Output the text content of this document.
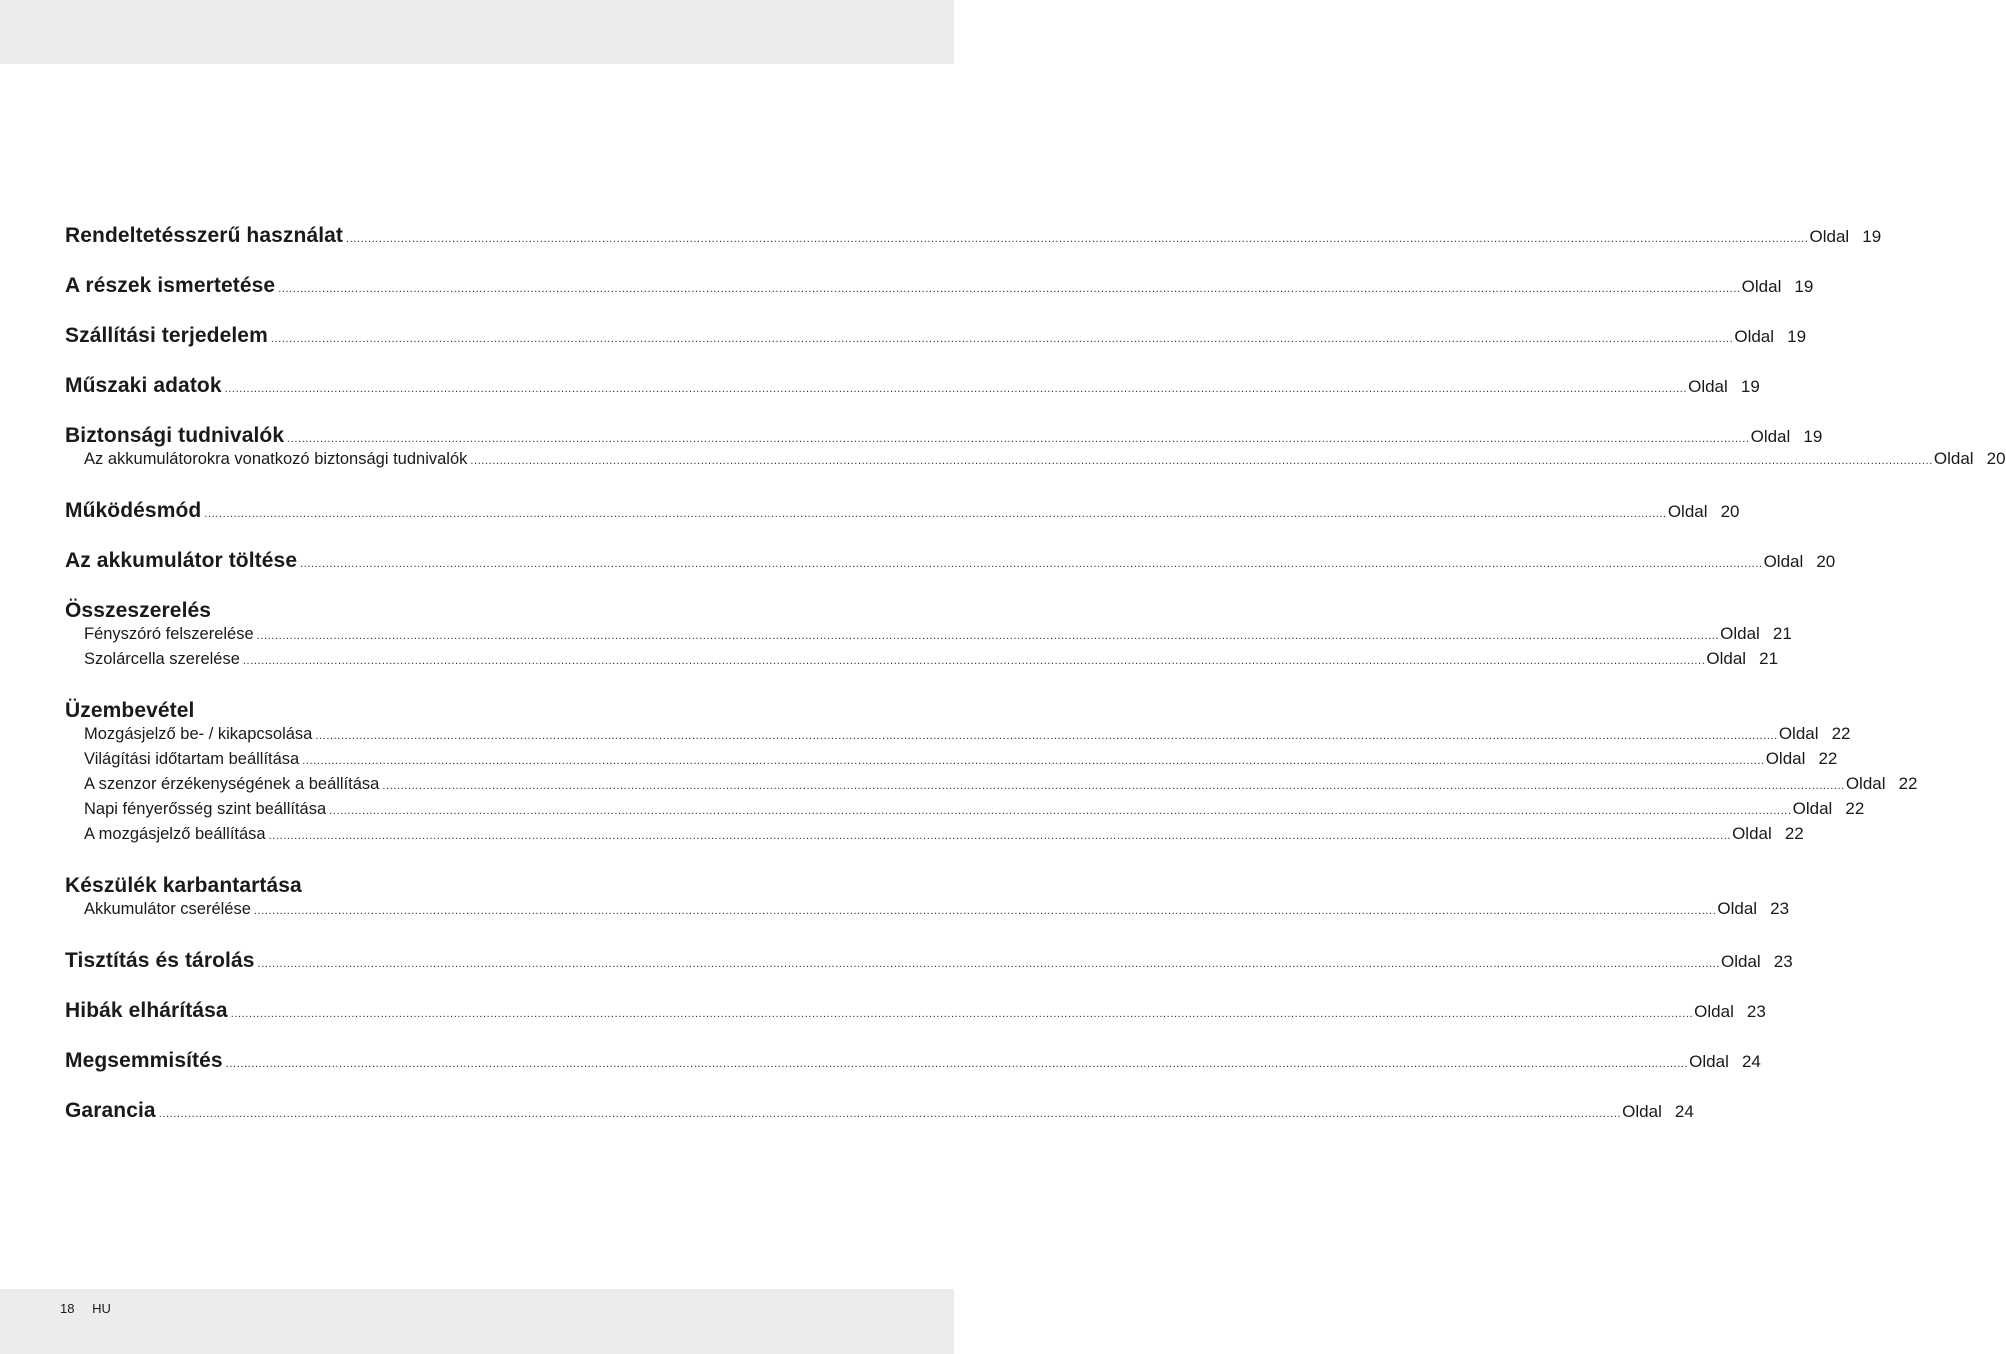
Rendeltetésszerű használat ................................................................................................................................................................................................................................................................................................................................................................................................................ Oldal 19
A részek ismertetése ................................................................................................................................................................................................................................................................................................................................................................................................................ Oldal 19
Szállítási terjedelem ................................................................................................................................................................................................................................................................................................................................................................................................................ Oldal 19
Műszaki adatok ................................................................................................................................................................................................................................................................................................................................................................................................................ Oldal 19
Biztonsági tudnivalók ................................................................................................................................................................................................................................................................................................................................................................................................................ Oldal 19
Az akkumulátorokra vonatkozó biztonsági tudnivalók ................................................................................................................................................................................................................................................................................................................................................................................................................ Oldal 20
Működésmód ................................................................................................................................................................................................................................................................................................................................................................................................................ Oldal 20
Az akkumulátor töltése ................................................................................................................................................................................................................................................................................................................................................................................................................ Oldal 20
Összeszerelés
Fényszóró felszerelése ................................................................................................................................................................................................................................................................................................................................................................................................................ Oldal 21
Szolárcella szerelése ................................................................................................................................................................................................................................................................................................................................................................................................................ Oldal 21
Üzembevétel
Mozgásjelző be- / kikapcsolása ................................................................................................................................................................................................................................................................................................................................................................................................................ Oldal 22
Világítási időtartam beállítása ................................................................................................................................................................................................................................................................................................................................................................................................................ Oldal 22
A szenzor érzékenységének a beállítása ................................................................................................................................................................................................................................................................................................................................................................................................................ Oldal 22
Napi fényerősség szint beállítása ................................................................................................................................................................................................................................................................................................................................................................................................................ Oldal 22
A mozgásjelző beállítása ................................................................................................................................................................................................................................................................................................................................................................................................................ Oldal 22
Készülék karbantartása
Akkumulátor cserélése ................................................................................................................................................................................................................................................................................................................................................................................................................ Oldal 23
Tisztítás és tárolás ................................................................................................................................................................................................................................................................................................................................................................................................................ Oldal 23
Hibák elhárítása ................................................................................................................................................................................................................................................................................................................................................................................................................ Oldal 23
Megsemmisítés ................................................................................................................................................................................................................................................................................................................................................................................................................ Oldal 24
Garancia ................................................................................................................................................................................................................................................................................................................................................................................................................ Oldal 24
18 HU
